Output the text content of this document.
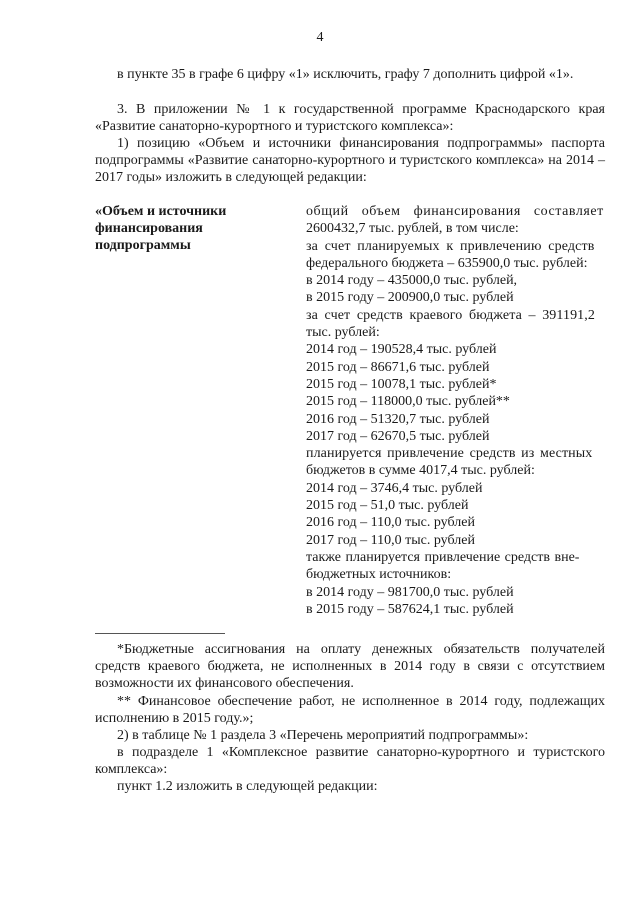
4
в пункте 35 в графе 6 цифру «1» исключить, графу 7 дополнить цифрой «1».
3. В приложении № 1 к государственной программе Краснодарского края «Развитие санаторно-курортного и туристского комплекса»:
1) позицию «Объем и источники финансирования подпрограммы» паспорта подпрограммы «Развитие санаторно-курортного и туристского комплекса» на 2014 – 2017 годы» изложить в следующей редакции:
«Объем и источники
финансирования
подпрограммы
общий объем финансирования составляет
2600432,7 тыс. рублей, в том числе:
за счет планируемых к привлечению средств
федерального бюджета – 635900,0 тыс. рублей:
в 2014 году – 435000,0 тыс. рублей,
в 2015 году – 200900,0 тыс. рублей
за счет средств краевого бюджета – 391191,2
тыс. рублей:
2014 год – 190528,4 тыс. рублей
2015 год – 86671,6 тыс. рублей
2015 год – 10078,1 тыс. рублей*
2015 год – 118000,0 тыс. рублей**
2016 год – 51320,7 тыс. рублей
2017 год – 62670,5 тыс. рублей
планируется привлечение средств из местных
бюджетов в сумме 4017,4 тыс. рублей:
2014 год – 3746,4 тыс. рублей
2015 год – 51,0 тыс. рублей
2016 год – 110,0 тыс. рублей
2017 год – 110,0 тыс. рублей
также планируется привлечение средств вне-
бюджетных источников:
в 2014 году – 981700,0 тыс. рублей
в 2015 году – 587624,1 тыс. рублей
*Бюджетные ассигнования на оплату денежных обязательств получателей средств краевого бюджета, не исполненных в 2014 году в связи с отсутствием возможности их финансового обеспечения.
** Финансовое обеспечение работ, не исполненное в 2014 году, подлежащих исполнению в 2015 году.»;
2) в таблице № 1 раздела 3 «Перечень мероприятий подпрограммы»:
в подразделе 1 «Комплексное развитие санаторно-курортного и туристского комплекса»:
пункт 1.2 изложить в следующей редакции:
